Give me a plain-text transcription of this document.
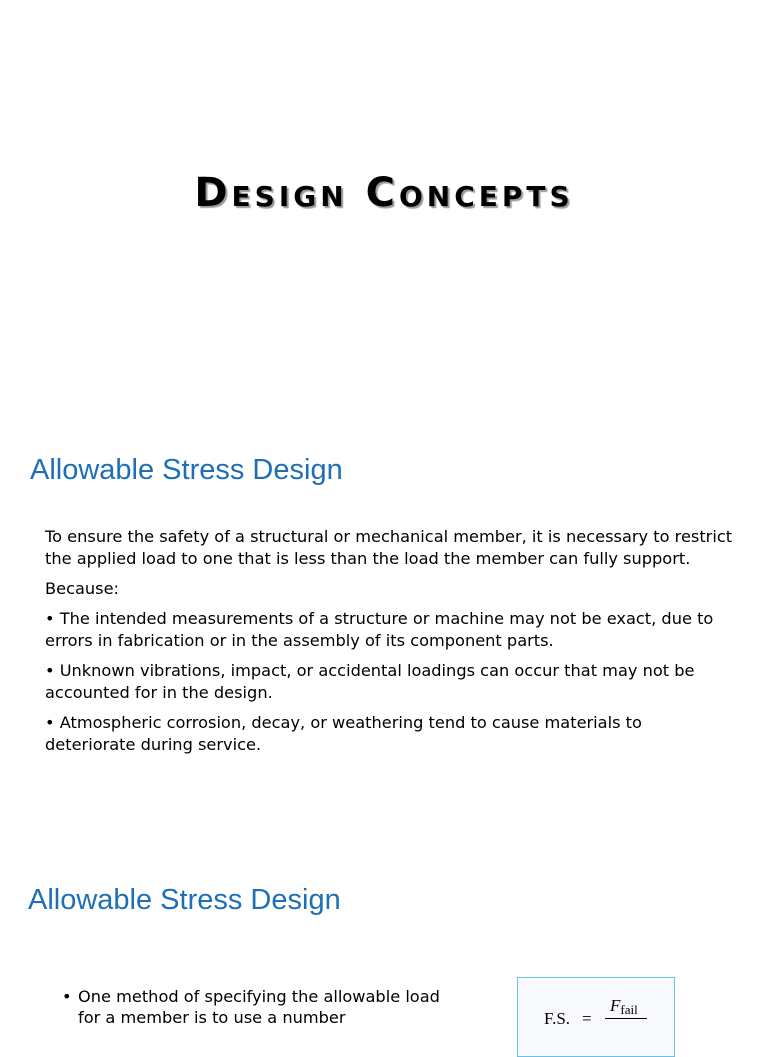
Design Concepts
Allowable Stress Design

To ensure the safety of a structural or mechanical member, it is necessary to restrict the applied load to one that is less than the load the member can fully support.

Because:

• The intended measurements of a structure or machine may not be exact, due to errors in fabrication or in the assembly of its component parts.

• Unknown vibrations, impact, or accidental loadings can occur that may not be accounted for in the design.

• Atmospheric corrosion, decay, or weathering tend to cause materials to deteriorate during service.

Allowable Stress Design
• One method of specifying the allowable load for a member is to use a number	F.S. =
Ffail
